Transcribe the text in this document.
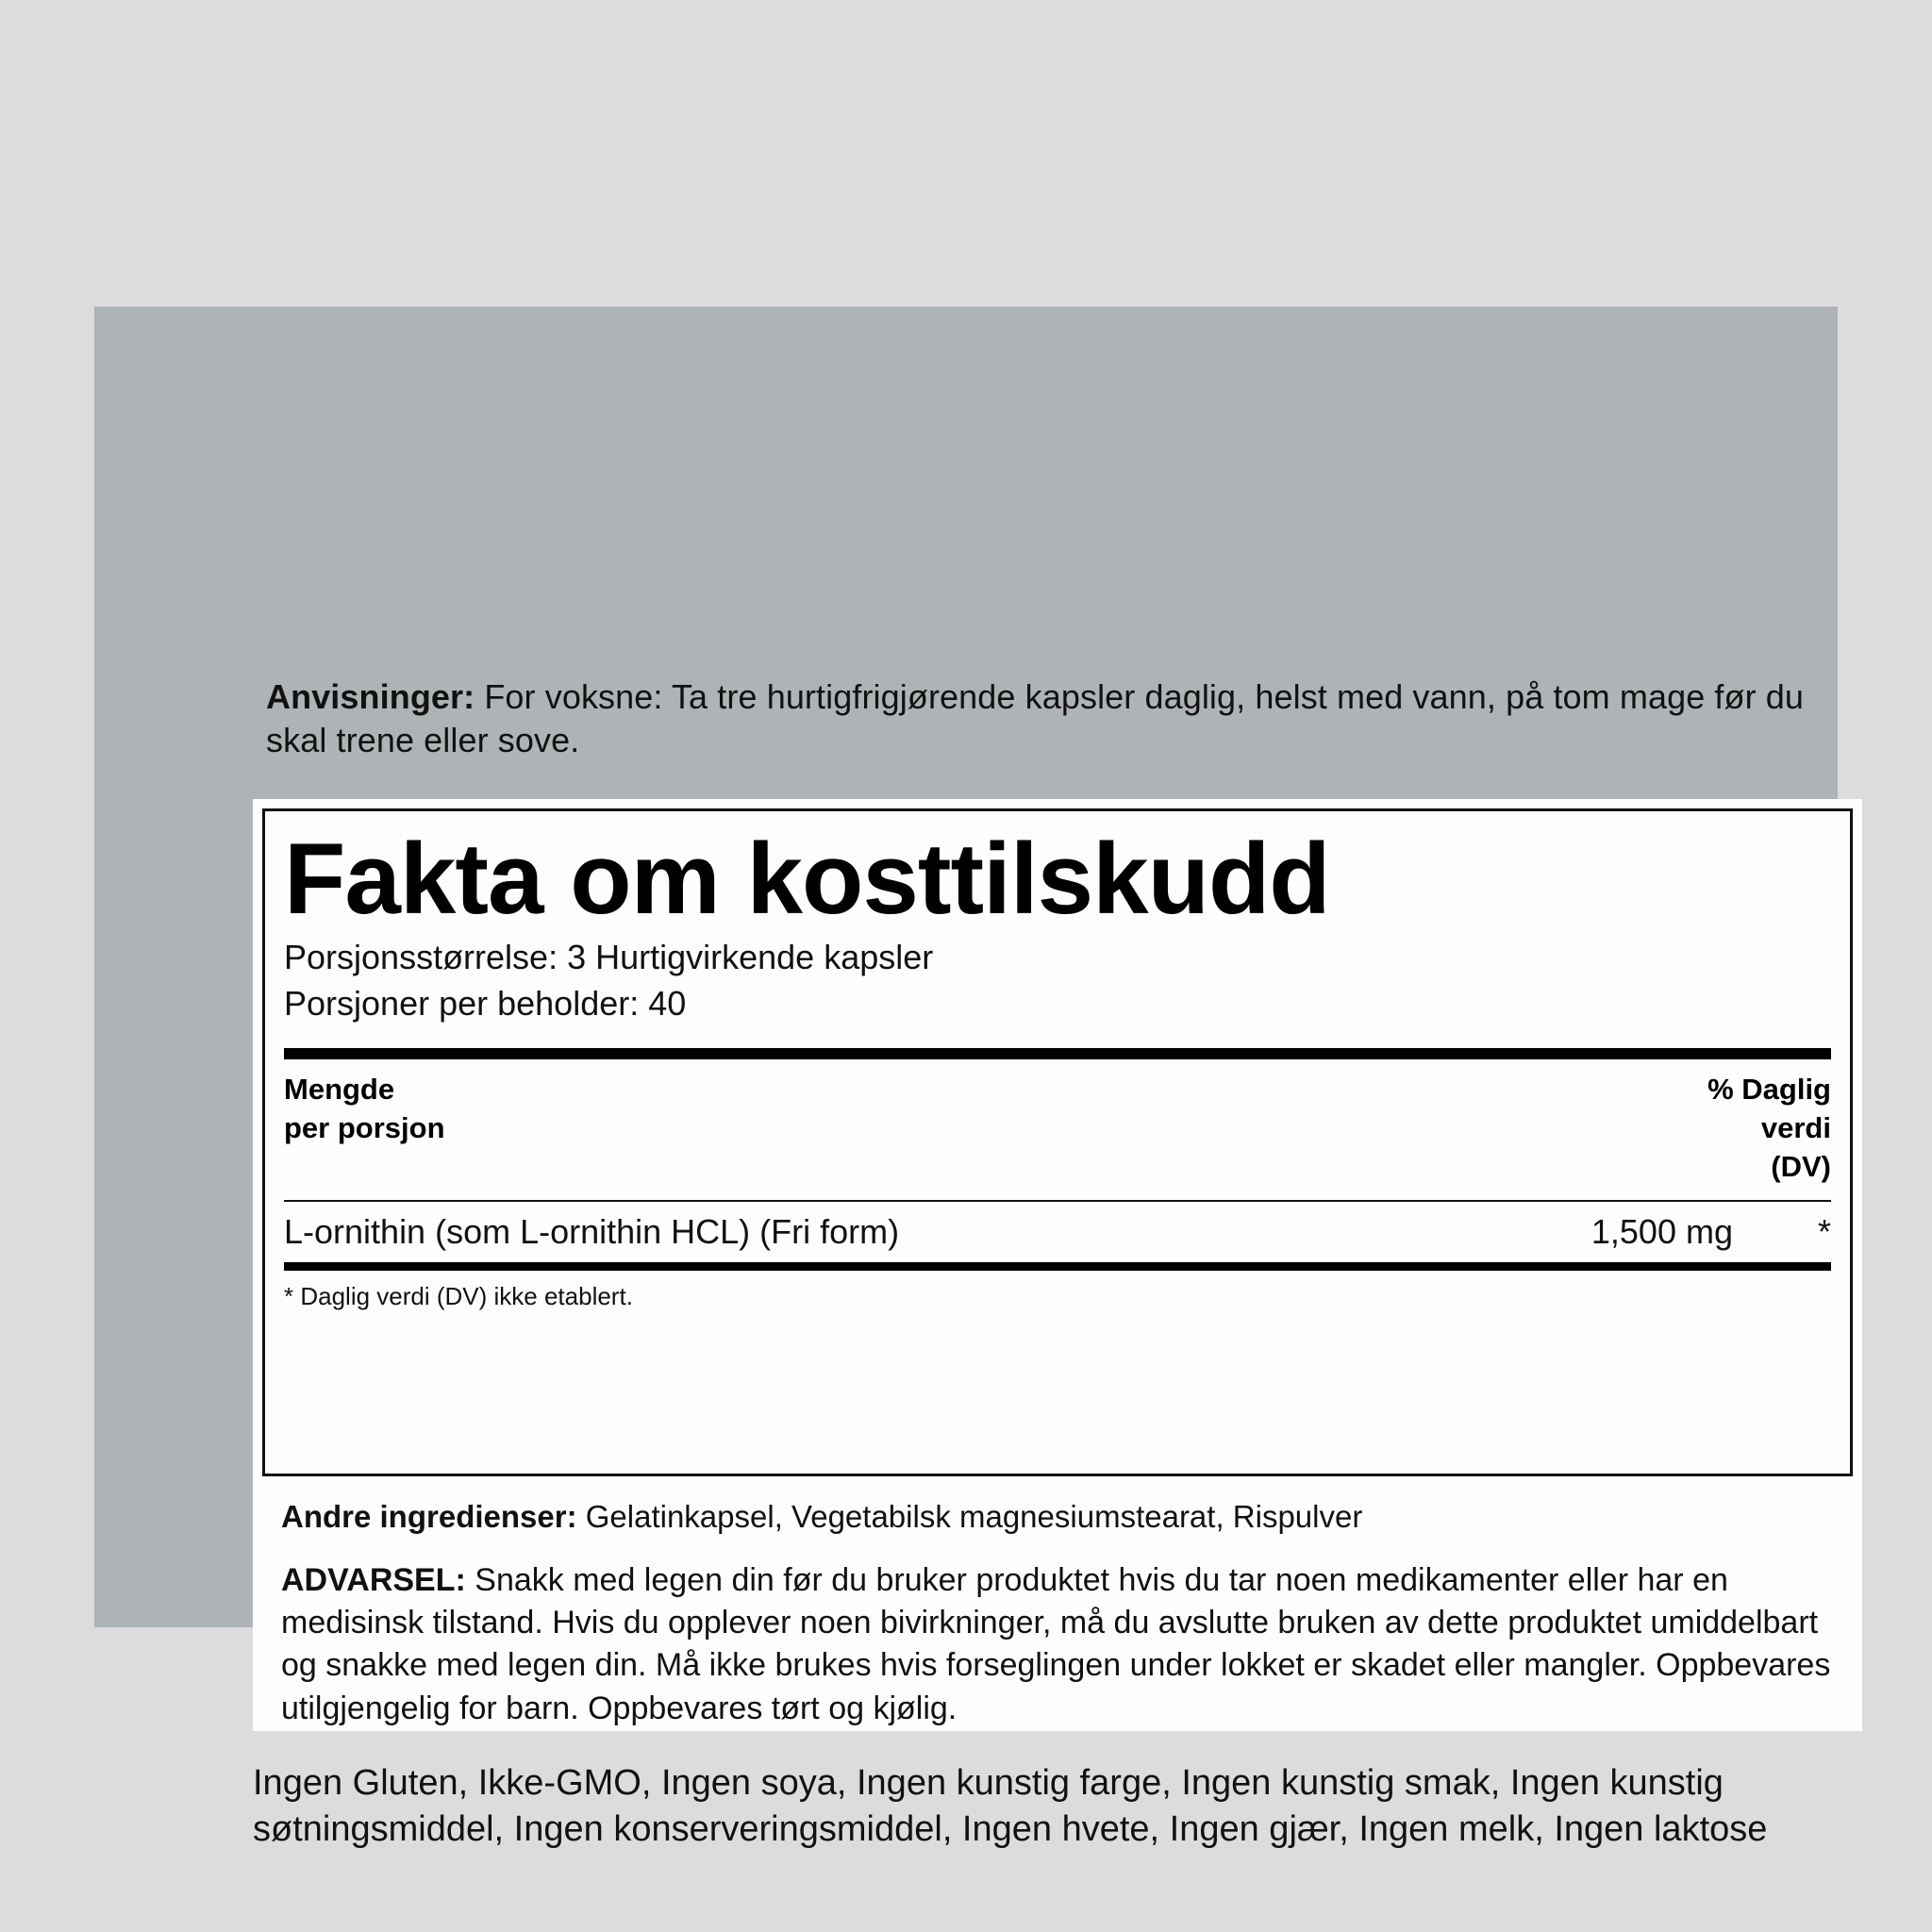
Anvisninger: For voksne: Ta tre hurtigfrigjørende kapsler daglig, helst med vann, på tom mage før du skal trene eller sove.

Fakta om kosttilskudd
Porsjonsstørrelse: 3 Hurtigvirkende kapsler
Porsjoner per beholder: 40
Mengde
per porsjon
% Daglig
verdi
(DV)
L-ornithin (som L-ornithin HCL) (Fri form)	1,500 mg	*
* Daglig verdi (DV) ikke etablert.

Andre ingredienser: Gelatinkapsel, Vegetabilsk magnesiumstearat, Rispulver

ADVARSEL: Snakk med legen din før du bruker produktet hvis du tar noen medikamenter eller har en medisinsk tilstand. Hvis du opplever noen bivirkninger, må du avslutte bruken av dette produktet umiddelbart og snakke med legen din. Må ikke brukes hvis forseglingen under lokket er skadet eller mangler. Oppbevares utilgjengelig for barn. Oppbevares tørt og kjølig.

Ingen Gluten, Ikke-GMO, Ingen soya, Ingen kunstig farge, Ingen kunstig smak, Ingen kunstig søtningsmiddel, Ingen konserveringsmiddel, Ingen hvete, Ingen gjær, Ingen melk, Ingen laktose
